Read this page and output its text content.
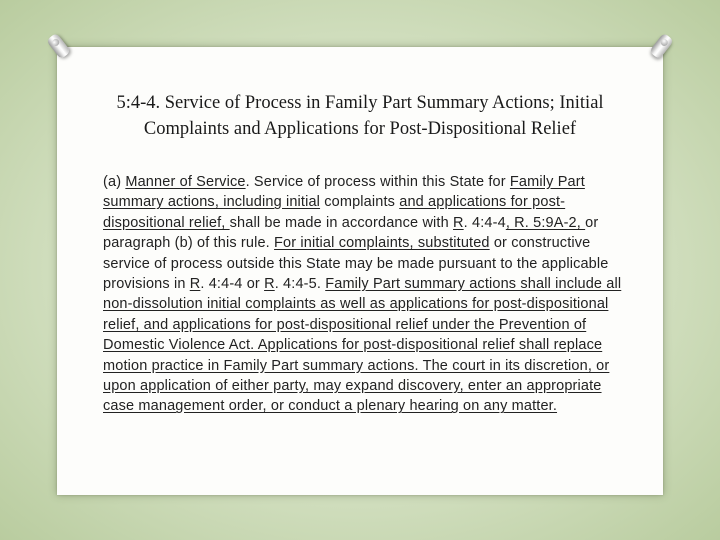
5:4-4. Service of Process in Family Part Summary Actions; Initial
Complaints and Applications for Post-Dispositional Relief
(a) Manner of Service. Service of process within this State for Family Part summary actions, including initial complaints and applications for post-dispositional relief, shall be made in accordance with R. 4:4-4, R. 5:9A-2, or paragraph (b) of this rule. For initial complaints, substituted or constructive service of process outside this State may be made pursuant to the applicable provisions in R. 4:4-4 or R. 4:4-5. Family Part summary actions shall include all non-dissolution initial complaints as well as applications for post-dispositional relief, and applications for post-dispositional relief under the Prevention of Domestic Violence Act. Applications for post-dispositional relief shall replace motion practice in Family Part summary actions. The court in its discretion, or upon application of either party, may expand discovery, enter an appropriate case management order, or conduct a plenary hearing on any matter.
